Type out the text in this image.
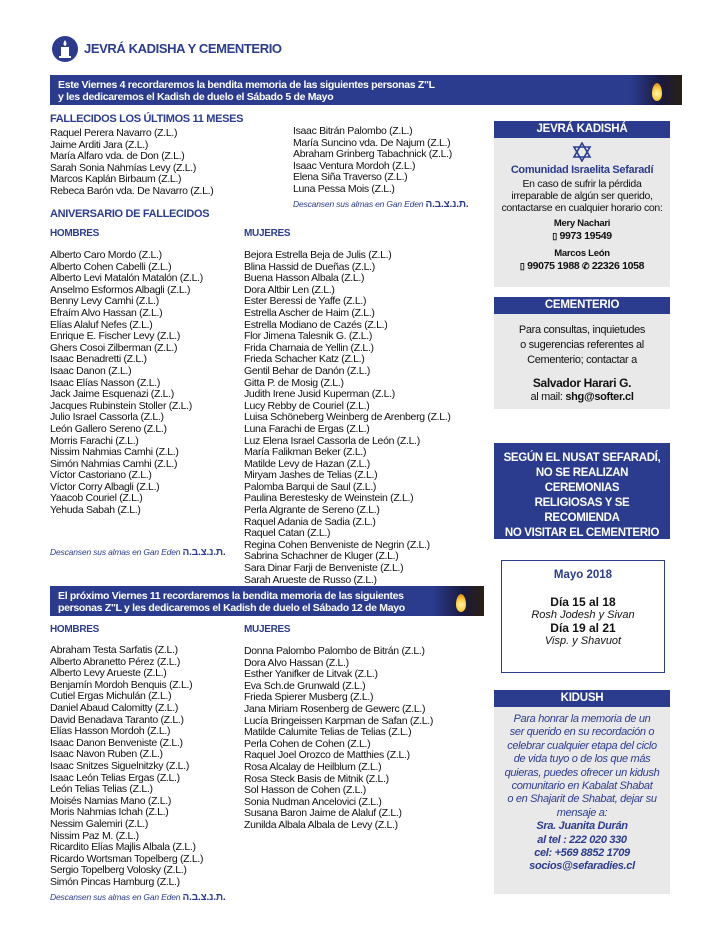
JEVRÁ KADISHA Y CEMENTERIO
Este Viernes 4 recordaremos la bendita memoria de las siguientes personas Z"L
y les dedicaremos el Kadish de duelo el Sábado 5 de Mayo
FALLECIDOS LOS ÚLTIMOS 11 MESES
Raquel Perera Navarro (Z.L.)
Jaime Arditi Jara (Z.L.)
María Alfaro vda. de Don (Z.L.)
Sarah Sonia Nahmías Levy (Z.L.)
Marcos Kaplán Birbaum (Z.L.)
Rebeca Barón vda. De Navarro (Z.L.)
Isaac Bitrán Palombo (Z.L.)
María Suncino vda. De Najum (Z.L.)
Abraham Grinberg Tabachnick (Z.L.)
Isaac Ventura Mordoh (Z.L.)
Elena Siña Traverso (Z.L.)
Luna Pessa Mois (Z.L.)
Descansen sus almas en Gan Eden ת.נ.צ.ב.ה.
ANIVERSARIO DE FALLECIDOS
HOMBRES	MUJERES
Alberto Caro Mordo (Z.L.)
Alberto Cohen Cabelli (Z.L.)
Alberto Levi Matalón Matalón (Z.L.)
Anselmo Esformos Albagli (Z.L.)
Benny Levy Camhi (Z.L.)
Efraím Alvo Hassan (Z.L.)
Elías Alaluf Nefes (Z.L.)
Enrique E. Fischer Levy (Z.L.)
Ghers Cosoi Zilberman (Z.L.)
Isaac Benadretti (Z.L.)
Isaac Danon (Z.L.)
Isaac Elías Nasson (Z.L.)
Jack Jaime Esquenazi (Z.L.)
Jacques Rubinstein Stoller (Z.L.)
Julio Israel Cassorla (Z.L.)
León Gallero Sereno (Z.L.)
Morris Farachi (Z.L.)
Nissim Nahmias Camhi (Z.L.)
Simón Nahmias Camhi (Z.L.)
Víctor Castoriano (Z.L.)
Víctor Corry Albagli (Z.L.)
Yaacob Couriel (Z.L.)
Yehuda Sabah (Z.L.)
Bejora Estrella Beja de Julis (Z.L.)
Blina Hassid de Dueñas (Z.L.)
Buena Hasson Albala (Z.L.)
Dora Altbir Len (Z.L.)
Ester Beressi de Yaffe (Z.L.)
Estrella Ascher de Haim (Z.L.)
Estrella Modiano de Cazés (Z.L.)
Flor Jimena Talesnik G. (Z.L.)
Frida Charnaia de Yellin (Z.L.)
Frieda Schacher Katz (Z.L.)
Gentil Behar de Danón (Z.L.)
Gitta P. de Mosig (Z.L.)
Judith Irene Jusid Kuperman (Z.L.)
Lucy Rebby de Couriel (Z.L.)
Luisa Schöneberg Weinberg de Arenberg (Z.L.)
Luna Farachi de Ergas (Z.L.)
Luz Elena Israel Cassorla de León (Z.L.)
María Falikman Beker (Z.L.)
Matilde Levy de Hazan (Z.L.)
Miryam Jashes de Telias (Z.L.)
Palomba Barqui de Saul (Z.L.)
Paulina Berestesky de Weinstein (Z.L.)
Perla Algrante de Sereno (Z.L.)
Raquel Adania de Sadia (Z.L.)
Raquel Catan (Z.L.)
Regina Cohen Benveniste de Negrin (Z.L.)
Sabrina Schachner de Kluger (Z.L.)
Sara Dinar Farji de Benveniste (Z.L.)
Sarah Arueste de Russo (Z.L.)
Descansen sus almas en Gan Eden ת.נ.צ.ב.ה.
El próximo Viernes 11 recordaremos la bendita memoria de las siguientes
personas Z"L y les dedicaremos el Kadish de duelo el Sábado 12 de Mayo
HOMBRES	MUJERES
Abraham Testa Sarfatis (Z.L.)
Alberto Abranetto Pérez (Z.L.)
Alberto Levy Arueste (Z.L.)
Benjamín Mordoh Benquis (Z.L.)
Cutiel Ergas Michulán (Z.L.)
Daniel Abaud Calomitty (Z.L.)
David Benadava Taranto (Z.L.)
Elías Hasson Mordoh (Z.L.)
Isaac Danon Benveniste (Z.L.)
Isaac Navon Ruben (Z.L.)
Isaac Snitzes Siguelnitzky (Z.L.)
Isaac León Telias Ergas (Z.L.)
León Telias Telias (Z.L.)
Moisés Namias Mano (Z.L.)
Moris Nahmias Ichah (Z.L.)
Nessim Galemiri (Z.L.)
Nissim Paz M. (Z.L.)
Ricardito Elías Majlis Albala (Z.L.)
Ricardo Wortsman Topelberg (Z.L.)
Sergio Topelberg Volosky (Z.L.)
Simón Pincas Hamburg (Z.L.)
Donna Palombo Palombo de Bitrán (Z.L.)
Dora Alvo Hassan (Z.L.)
Esther Yanifker de Litvak (Z.L.)
Eva Sch.de Grunwald (Z.L.)
Frieda Spierer Musberg (Z.L.)
Jana Miriam Rosenberg de Gewerc (Z.L.)
Lucía Bringeissen Karpman de Safan (Z.L.)
Matilde Calumite Telias de Telias (Z.L.)
Perla Cohen de Cohen (Z.L.)
Raquel Joel Orozco de Matthies (Z.L.)
Rosa Alcalay de Heilblum (Z.L.)
Rosa Steck Basis de Mitnik (Z.L.)
Sol Hasson de Cohen (Z.L.)
Sonia Nudman Ancelovici (Z.L.)
Susana Baron Jaime de Alaluf (Z.L.)
Zunilda Albala Albala de Levy (Z.L.)
Descansen sus almas en Gan Eden ת.נ.צ.ב.ה.
JEVRÁ KADISHÁ
Comunidad Israelita Sefaradí
En caso de sufrir la pérdida
irreparable de algún ser querido,
contactarse en cualquier horario con:
Mery Nachari
▯ 9973 19549
Marcos León
▯ 99075 1988 ✆ 22326 1058
CEMENTERIO
Para consultas, inquietudes
o sugerencias referentes al
Cementerio; contactar a
Salvador Harari G.
al mail: shg@softer.cl
SEGÚN EL NUSAT SEFARADÍ,
NO SE REALIZAN CEREMONIAS
RELIGIOSAS Y SE RECOMIENDA
NO VISITAR EL CEMENTERIO EN
Mayo 2018
Día 15 al 18
Rosh Jodesh y Sivan
Día 19 al 21
Visp. y Shavuot
KIDUSH
Para honrar la memoria de un
ser querido en su recordación o
celebrar cualquier etapa del ciclo
de vida tuyo o de los que más
quieras, puedes ofrecer un kidush
comunitario en Kabalat Shabat
o en Shajarit de Shabat, dejar su
mensaje a:
Sra. Juanita Durán
al tel : 222 020 330
cel: +569 8852 1709
socios@sefaradies.cl
